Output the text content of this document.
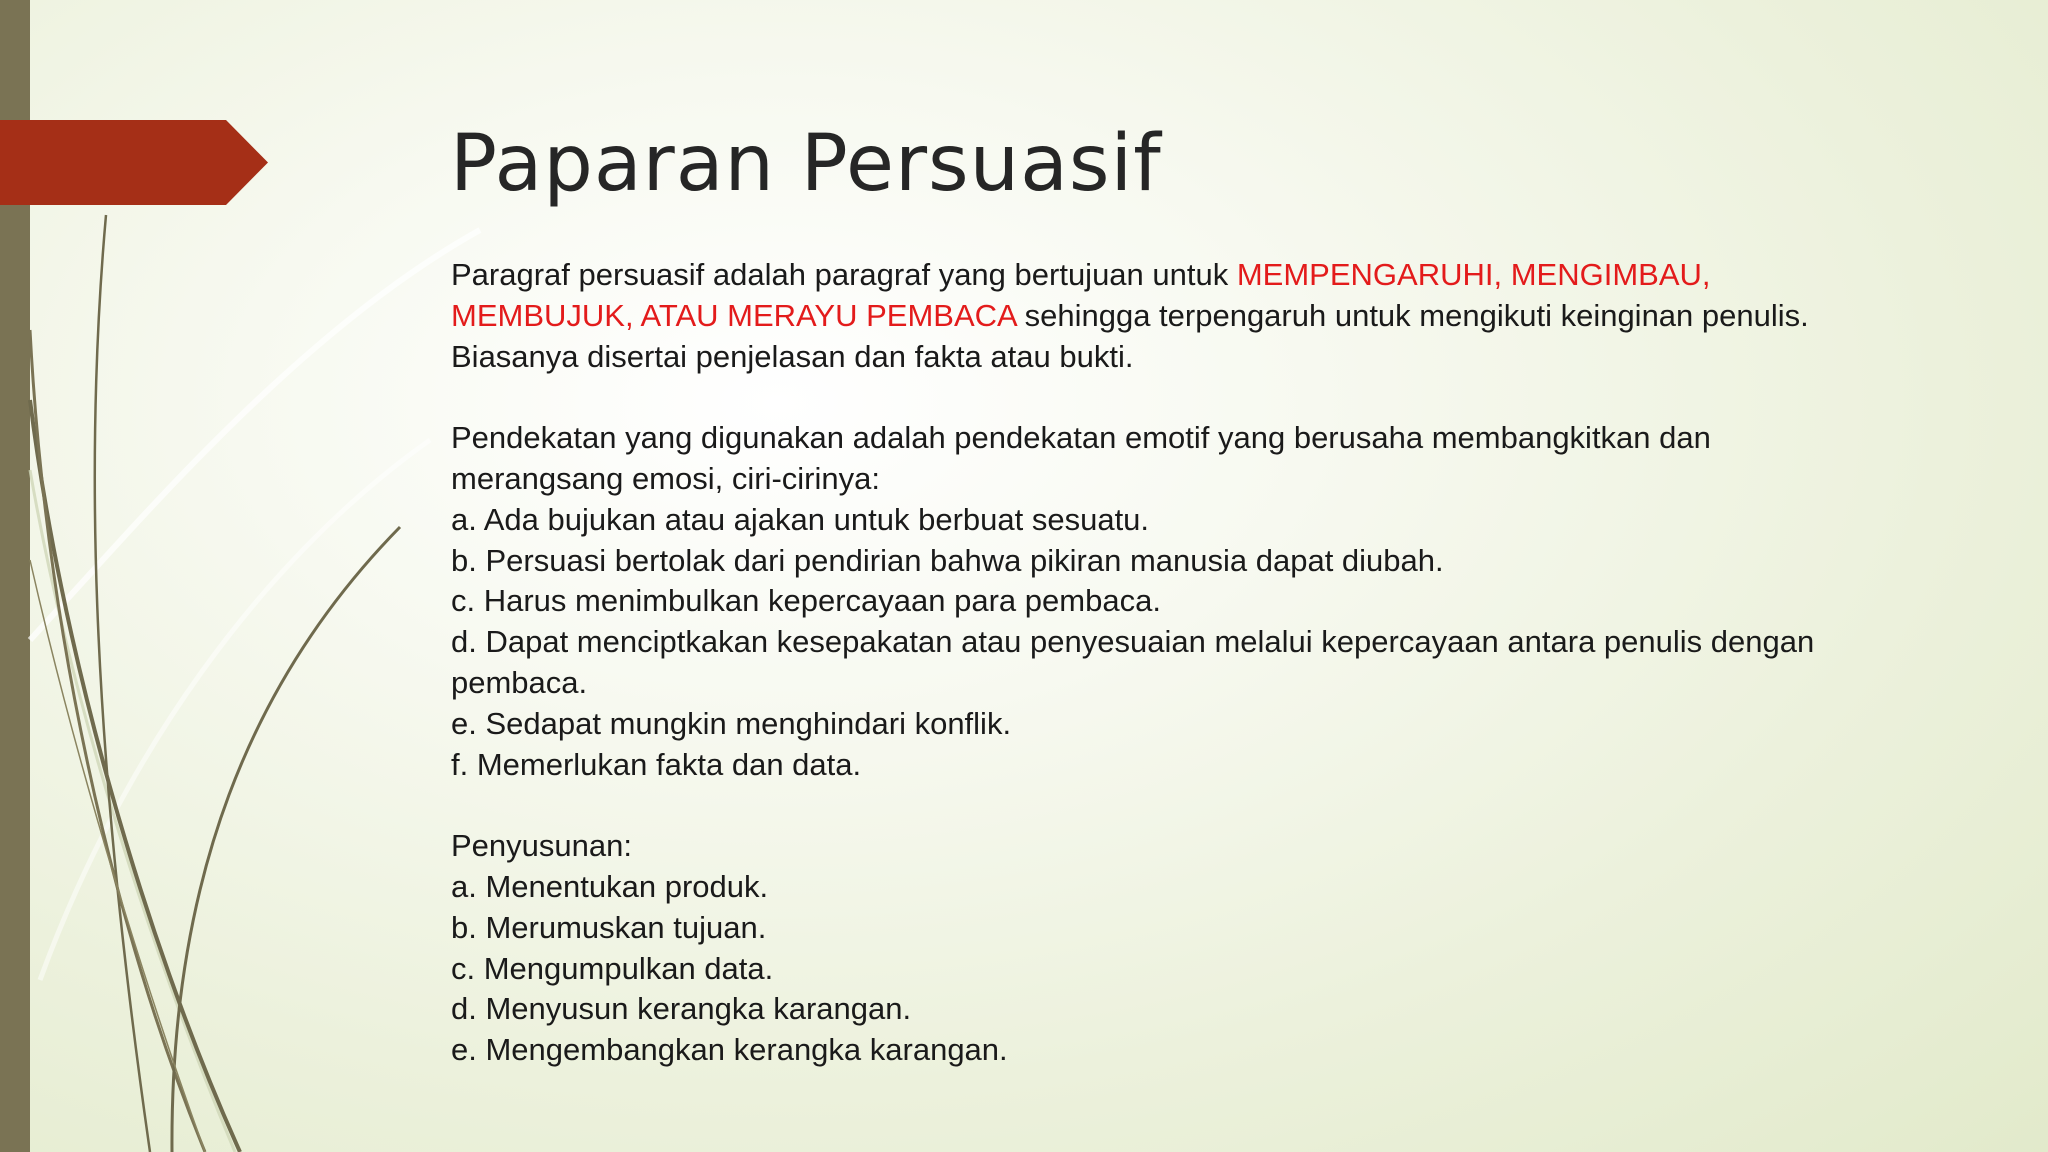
Paparan Persuasif

Paragraf persuasif adalah paragraf yang bertujuan untuk MEMPENGARUHI, MENGIMBAU, MEMBUJUK, ATAU MERAYU PEMBACA sehingga terpengaruh untuk mengikuti keinginan penulis. Biasanya disertai penjelasan dan fakta atau bukti.

Pendekatan yang digunakan adalah pendekatan emotif yang berusaha membangkitkan dan merangsang emosi, ciri-cirinya:

a. Ada bujukan atau ajakan untuk berbuat sesuatu.

b. Persuasi bertolak dari pendirian bahwa pikiran manusia dapat diubah.

c. Harus menimbulkan kepercayaan para pembaca.

d. Dapat menciptkakan kesepakatan atau penyesuaian melalui kepercayaan antara penulis dengan pembaca.

e. Sedapat mungkin menghindari konflik.

f. Memerlukan fakta dan data.

Penyusunan:

a. Menentukan produk.

b. Merumuskan tujuan.

c. Mengumpulkan data.

d. Menyusun kerangka karangan.

e. Mengembangkan kerangka karangan.
